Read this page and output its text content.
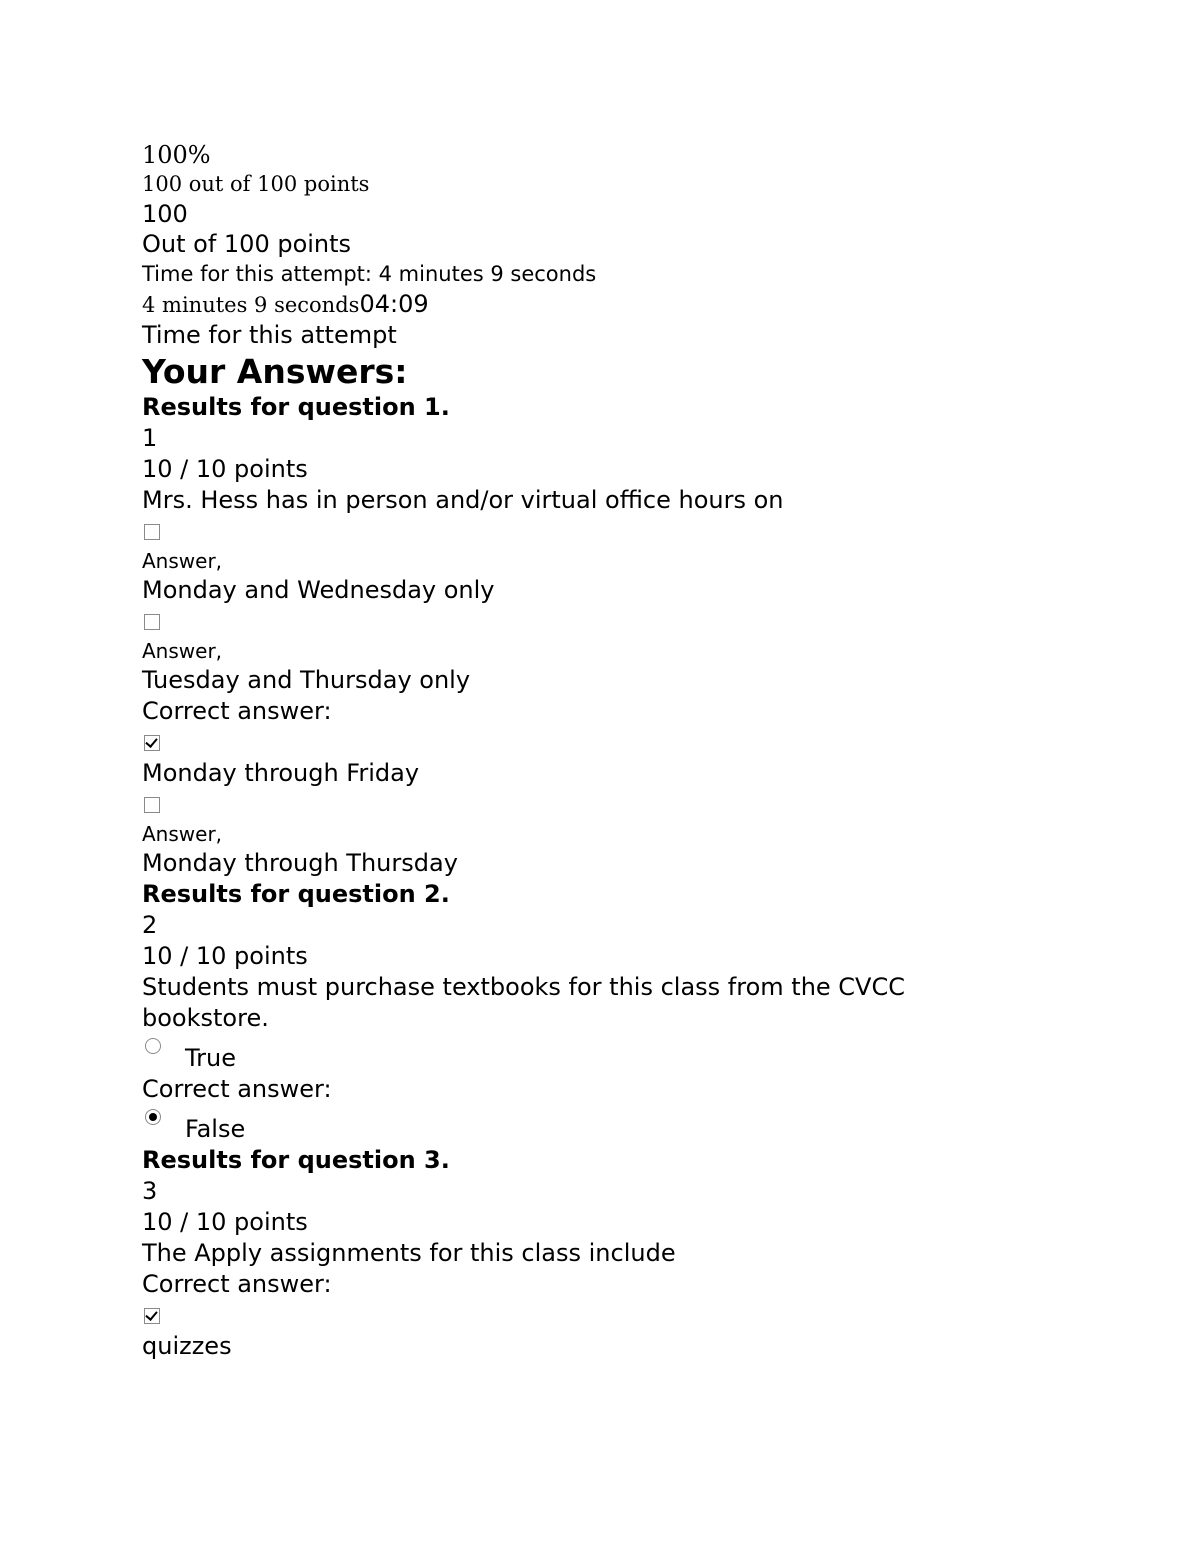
100%
100 out of 100 points
100
Out of 100 points
Time for this attempt: 4 minutes 9 seconds
4 minutes 9 seconds04:09
Time for this attempt
Your Answers:
Results for question 1.
1
10 / 10 points
Mrs. Hess has in person and/or virtual office hours on
Answer,
Monday and Wednesday only
Answer,
Tuesday and Thursday only
Correct answer:
Monday through Friday
Answer,
Monday through Thursday
Results for question 2.
2
10 / 10 points
Students must purchase textbooks for this class from the CVCC bookstore.
True
Correct answer:
False
Results for question 3.
3
10 / 10 points
The Apply assignments for this class include
Correct answer:
quizzes
